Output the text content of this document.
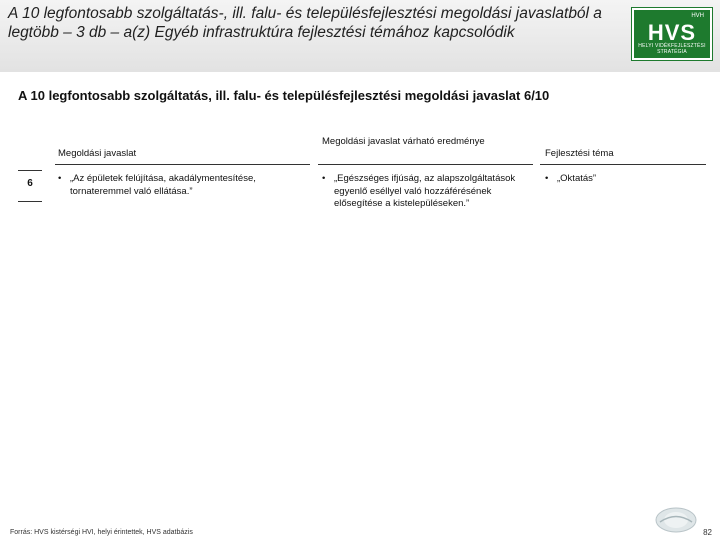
A 10 legfontosabb szolgáltatás-, ill. falu- és településfejlesztési megoldási javaslatból a legtöbb – 3 db – a(z) Egyéb infrastruktúra fejlesztési témához kapcsolódik
HVH
HVS
HELYI VIDÉKFEJLESZTÉSI STRATÉGIA
A 10 legfontosabb szolgáltatás, ill. falu- és településfejlesztési megoldási javaslat 6/10
Megoldási javaslat
Megoldási javaslat várható eredménye
Fejlesztési téma
6	• „Az épületek felújítása, akadálymentesítése, tornateremmel való ellátása.”
• „Egészséges ifjúság, az alapszolgáltatások egyenlő eséllyel való hozzáférésének elősegítése a kistelepüléseken.”
• „Oktatás”
Forrás: HVS kistérségi HVI, helyi érintettek, HVS adatbázis	82
